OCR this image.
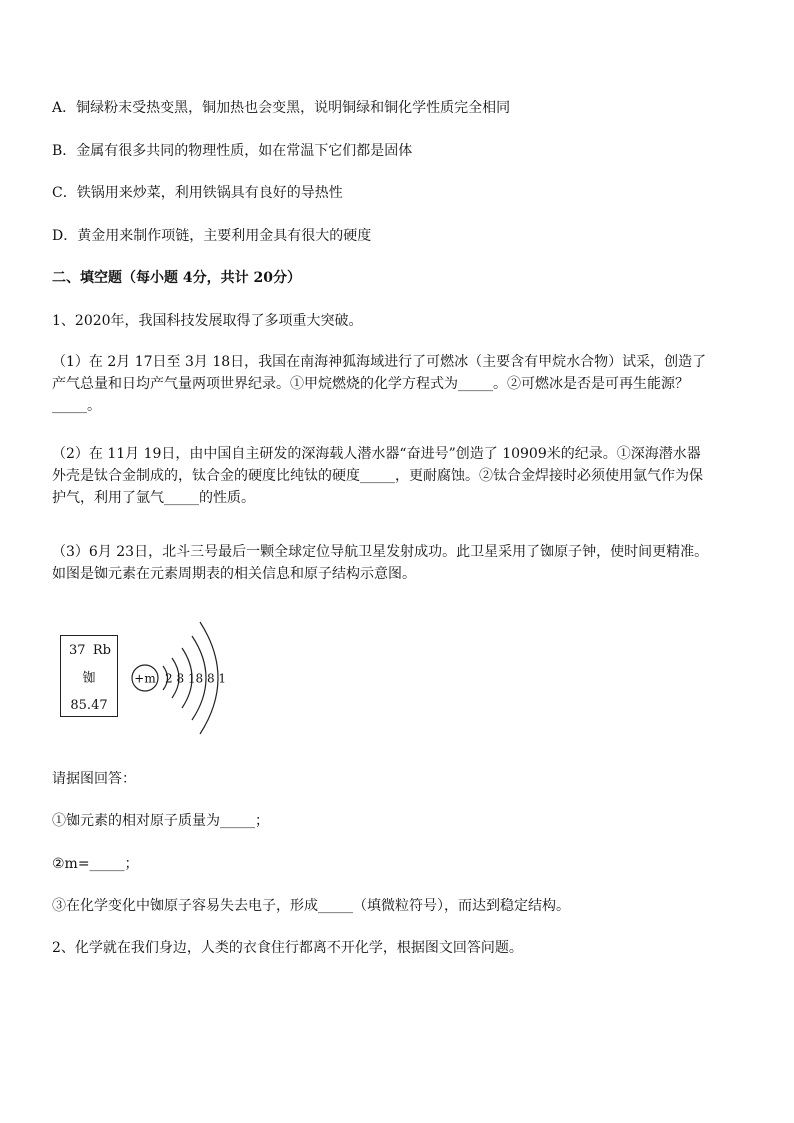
A．铜绿粉末受热变黑，铜加热也会变黑，说明铜绿和铜化学性质完全相同
B．金属有很多共同的物理性质，如在常温下它们都是固体
C．铁锅用来炒菜，利用铁锅具有良好的导热性
D．黄金用来制作项链，主要利用金具有很大的硬度
二、填空题（每小题 4分，共计 20分）
1、2020年，我国科技发展取得了多项重大突破。
（1）在 2月 17日至 3月 18日，我国在南海神狐海域进行了可燃冰（主要含有甲烷水合物）试采，创造了
产气总量和日均产气量两项世界纪录。①甲烷燃烧的化学方程式为_____。②可燃冰是否是可再生能源？
_____。
（2）在 11月 19日，由中国自主研发的深海载人潜水器“奋进号”创造了 10909米的纪录。①深海潜水器
外壳是钛合金制成的，钛合金的硬度比纯钛的硬度_____，更耐腐蚀。②钛合金焊接时必须使用氩气作为保
护气，利用了氩气_____的性质。
（3）6月 23日，北斗三号最后一颗全球定位导航卫星发射成功。此卫星采用了铷原子钟，使时间更精准。
如图是铷元素在元素周期表的相关信息和原子结构示意图。
37 Rb
铷
85.47
+m 2 8 18 8 1
请据图回答：
①铷元素的相对原子质量为_____；
②m=_____；
③在化学变化中铷原子容易失去电子，形成_____（填微粒符号），而达到稳定结构。
2、化学就在我们身边，人类的衣食住行都离不开化学，根据图文回答问题。
